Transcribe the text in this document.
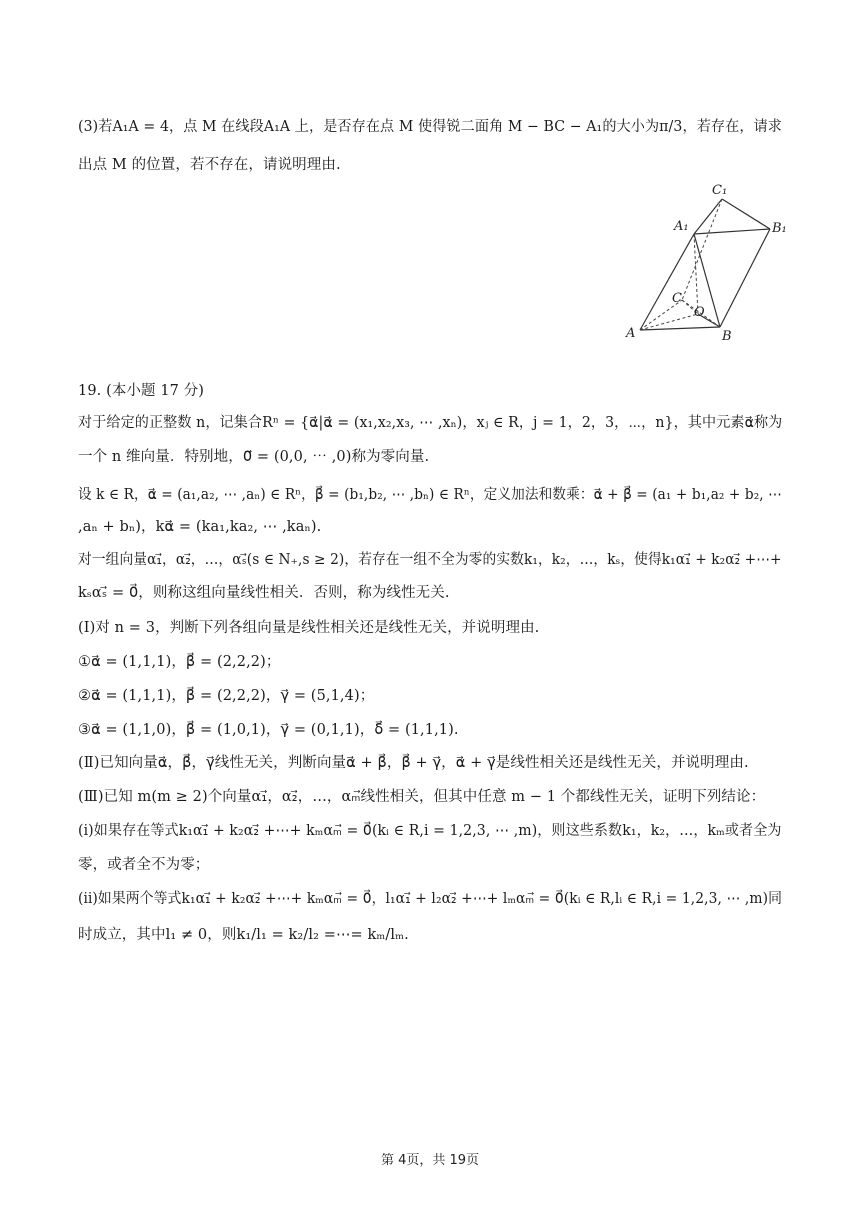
(3)若A₁A = 4，点 M 在线段A₁A 上，是否存在点 M 使得锐二面角 M − BC − A₁的大小为π/3，若存在，请求
出点 M 的位置，若不存在，请说明理由.
C₁
A₁	B₁
C
O
A	B
19. (本小题 17 分)
对于给定的正整数 n，记集合Rⁿ = {α⃗|α⃗ = (x₁,x₂,x₃, ⋯ ,xₙ)，xⱼ ∈ R，j = 1，2，3，⋯，n}，其中元素α⃗称为
一个 n 维向量．特别地，0⃗ = (0,0, ⋯ ,0)称为零向量.
设 k ∈ R，α⃗ = (a₁,a₂, ⋯ ,aₙ) ∈ Rⁿ，β⃗ = (b₁,b₂, ⋯ ,bₙ) ∈ Rⁿ，定义加法和数乘：α⃗ + β⃗ = (a₁ + b₁,a₂ + b₂, ⋯
,aₙ + bₙ)，kα⃗ = (ka₁,ka₂, ⋯ ,kaₙ).
对一组向量α₁⃗，α₂⃗，…，αₛ⃗(s ∈ N₊,s ≥ 2)，若存在一组不全为零的实数k₁，k₂，…，kₛ，使得k₁α₁⃗ + k₂α₂⃗ +⋯+
kₛαₛ⃗ = 0⃗，则称这组向量线性相关．否则，称为线性无关.
(Ⅰ)对 n = 3，判断下列各组向量是线性相关还是线性无关，并说明理由.
①α⃗ = (1,1,1)，β⃗ = (2,2,2)；
②α⃗ = (1,1,1)，β⃗ = (2,2,2)，γ⃗ = (5,1,4)；
③α⃗ = (1,1,0)，β⃗ = (1,0,1)，γ⃗ = (0,1,1)，δ⃗ = (1,1,1).
(Ⅱ)已知向量α⃗，β⃗，γ⃗线性无关，判断向量α⃗ + β⃗，β⃗ + γ⃗，α⃗ + γ⃗是线性相关还是线性无关，并说明理由.
(Ⅲ)已知 m(m ≥ 2)个向量α₁⃗，α₂⃗，…，αₘ⃗线性相关，但其中任意 m − 1 个都线性无关，证明下列结论：
(ⅰ)如果存在等式k₁α₁⃗ + k₂α₂⃗ +⋯+ kₘαₘ⃗ = 0⃗(kᵢ ∈ R,i = 1,2,3, ⋯ ,m)，则这些系数k₁，k₂，…，kₘ或者全为
零，或者全不为零；
(ⅱ)如果两个等式k₁α₁⃗ + k₂α₂⃗ +⋯+ kₘαₘ⃗ = 0⃗，l₁α₁⃗ + l₂α₂⃗ +⋯+ lₘαₘ⃗ = 0⃗(kᵢ ∈ R,lᵢ ∈ R,i = 1,2,3, ⋯ ,m)同
时成立，其中l₁ ≠ 0，则k₁/l₁ = k₂/l₂ =⋯= kₘ/lₘ.
第 4页，共 19页
